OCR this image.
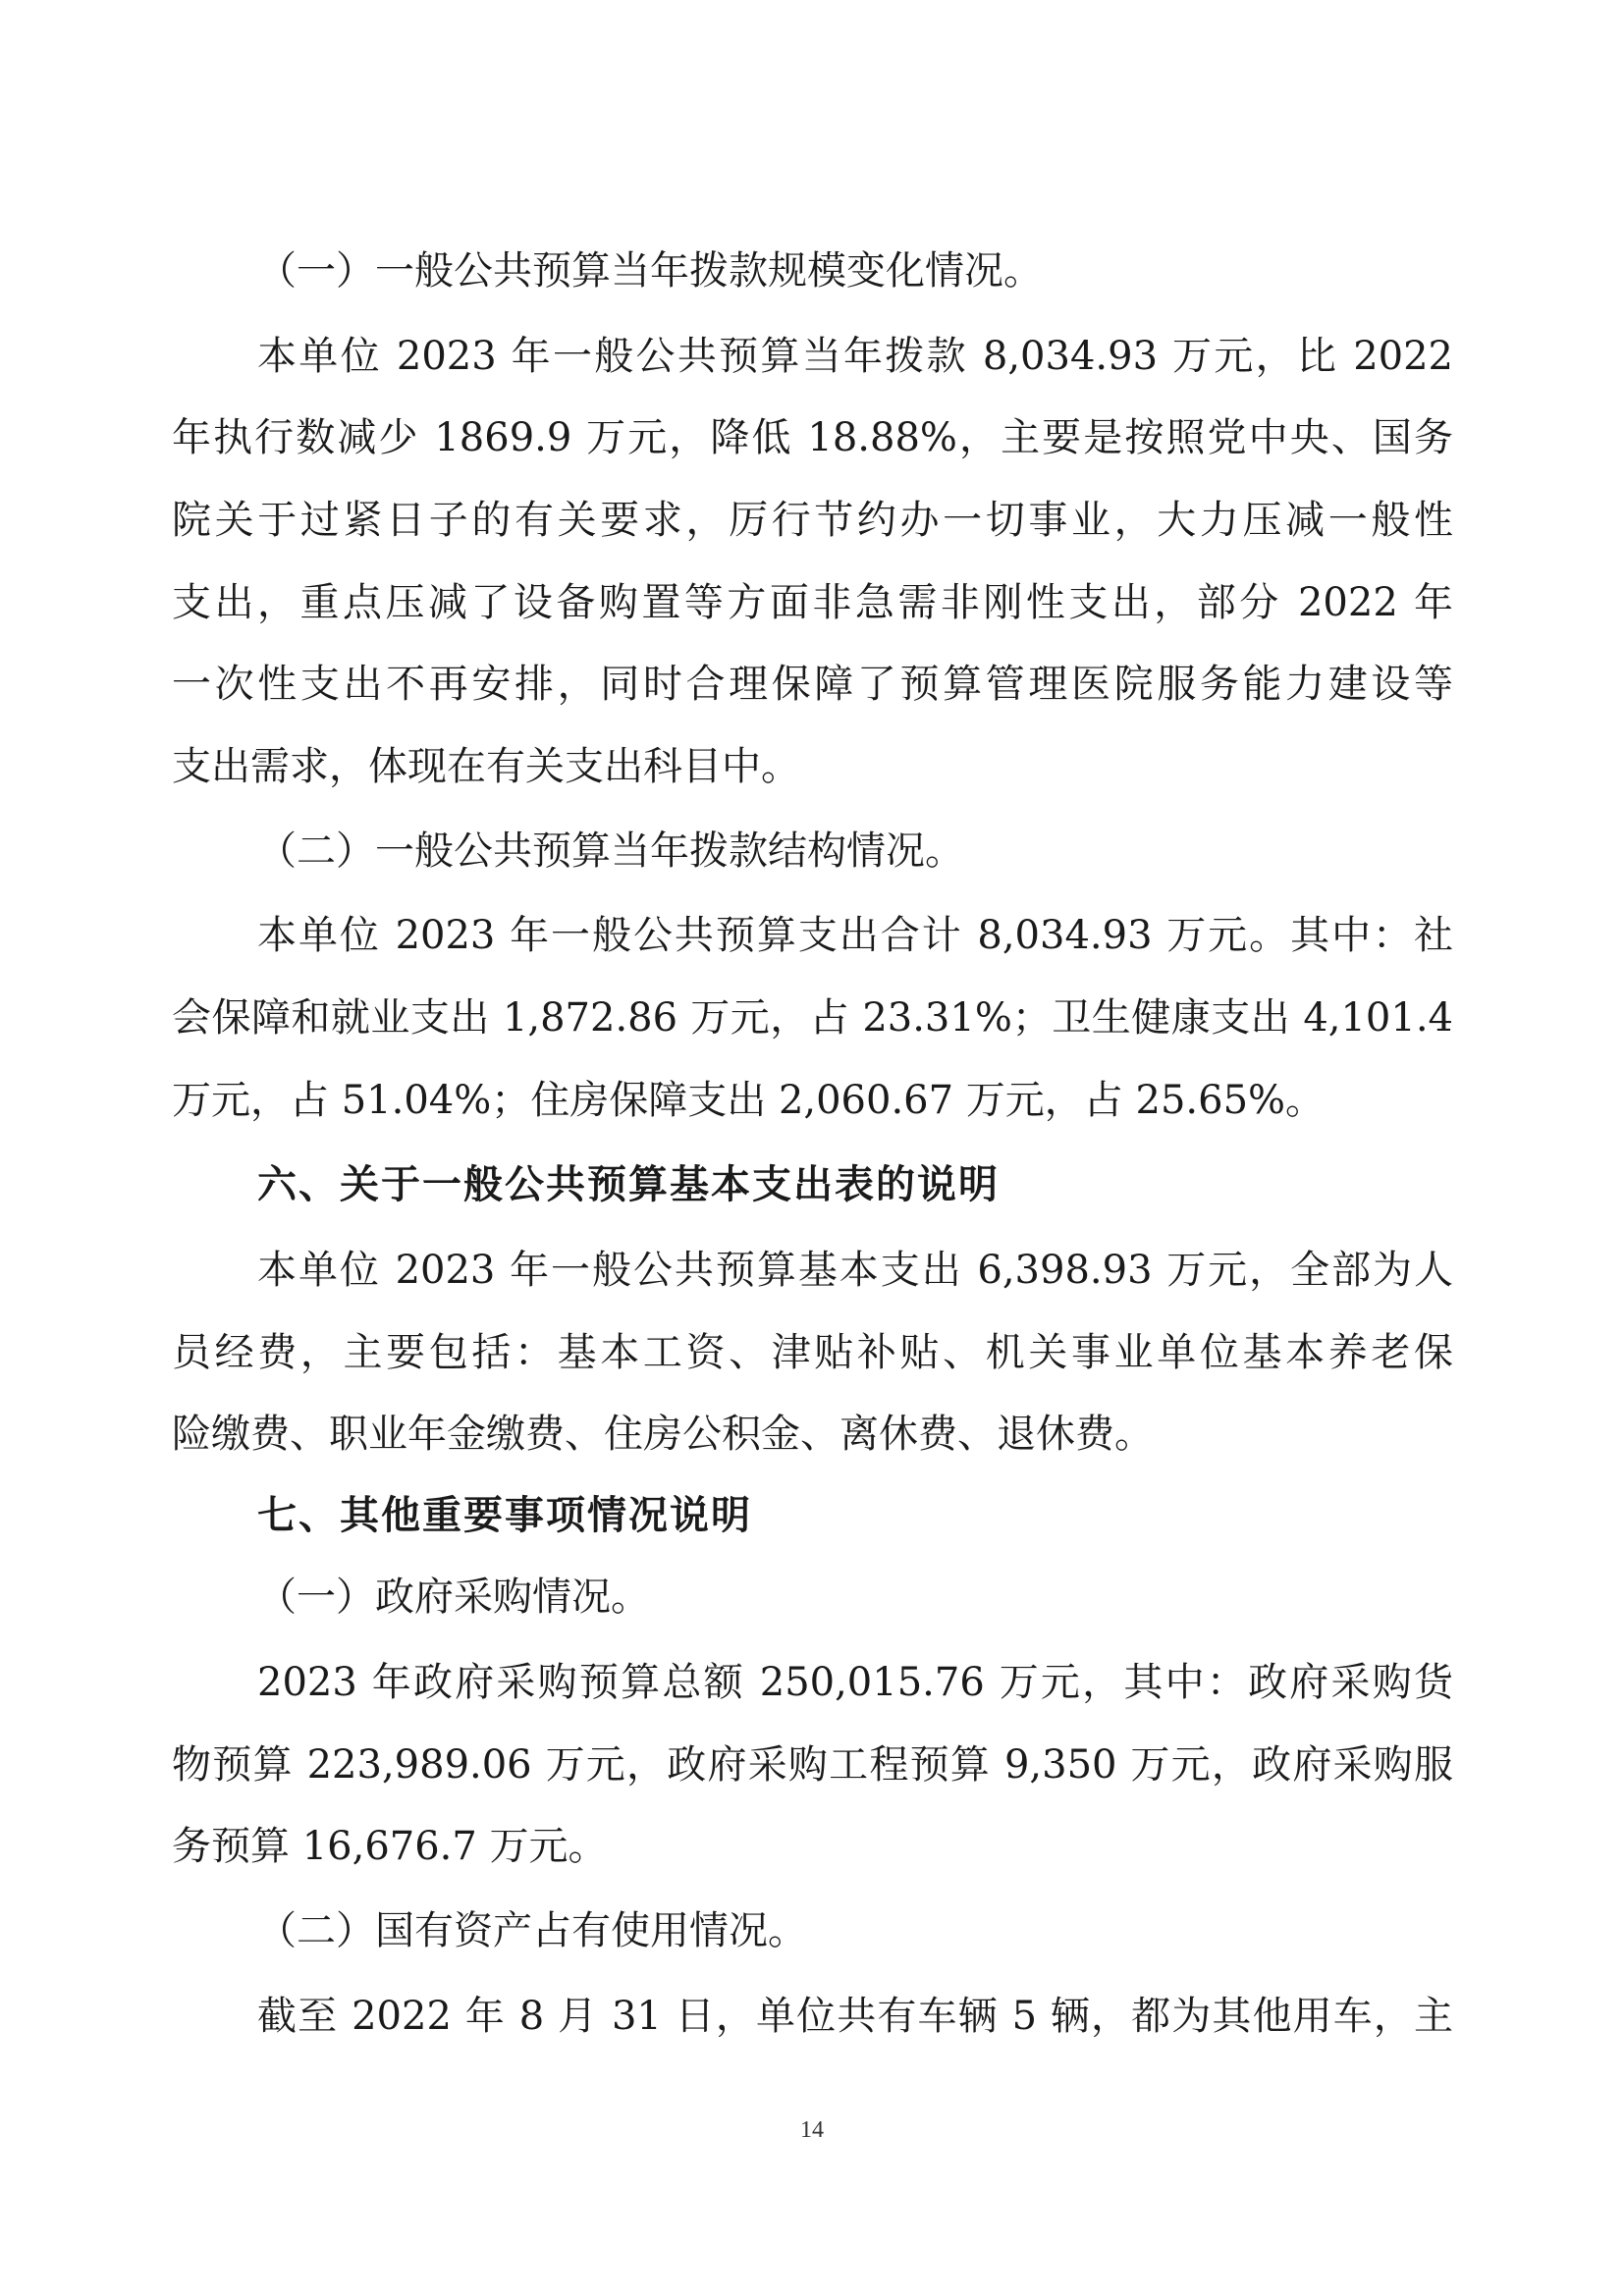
（一）一般公共预算当年拨款规模变化情况。
本单位 2023 年一般公共预算当年拨款 8,034.93 万元，比 2022
年执行数减少 1869.9 万元，降低 18.88%，主要是按照党中央、国务
院关于过紧日子的有关要求，厉行节约办一切事业，大力压减一般性
支出，重点压减了设备购置等方面非急需非刚性支出，部分 2022 年
一次性支出不再安排，同时合理保障了预算管理医院服务能力建设等
支出需求，体现在有关支出科目中。
（二）一般公共预算当年拨款结构情况。
本单位 2023 年一般公共预算支出合计 8,034.93 万元。其中：社
会保障和就业支出 1,872.86 万元，占 23.31%；卫生健康支出 4,101.4
万元，占 51.04%；住房保障支出 2,060.67 万元，占 25.65%。
六、关于一般公共预算基本支出表的说明
本单位 2023 年一般公共预算基本支出 6,398.93 万元，全部为人
员经费，主要包括：基本工资、津贴补贴、机关事业单位基本养老保
险缴费、职业年金缴费、住房公积金、离休费、退休费。
七、其他重要事项情况说明
（一）政府采购情况。
2023 年政府采购预算总额 250,015.76 万元，其中：政府采购货
物预算 223,989.06 万元，政府采购工程预算 9,350 万元，政府采购服
务预算 16,676.7 万元。
（二）国有资产占有使用情况。
截至 2022 年 8 月 31 日，单位共有车辆 5 辆，都为其他用车，主
14
